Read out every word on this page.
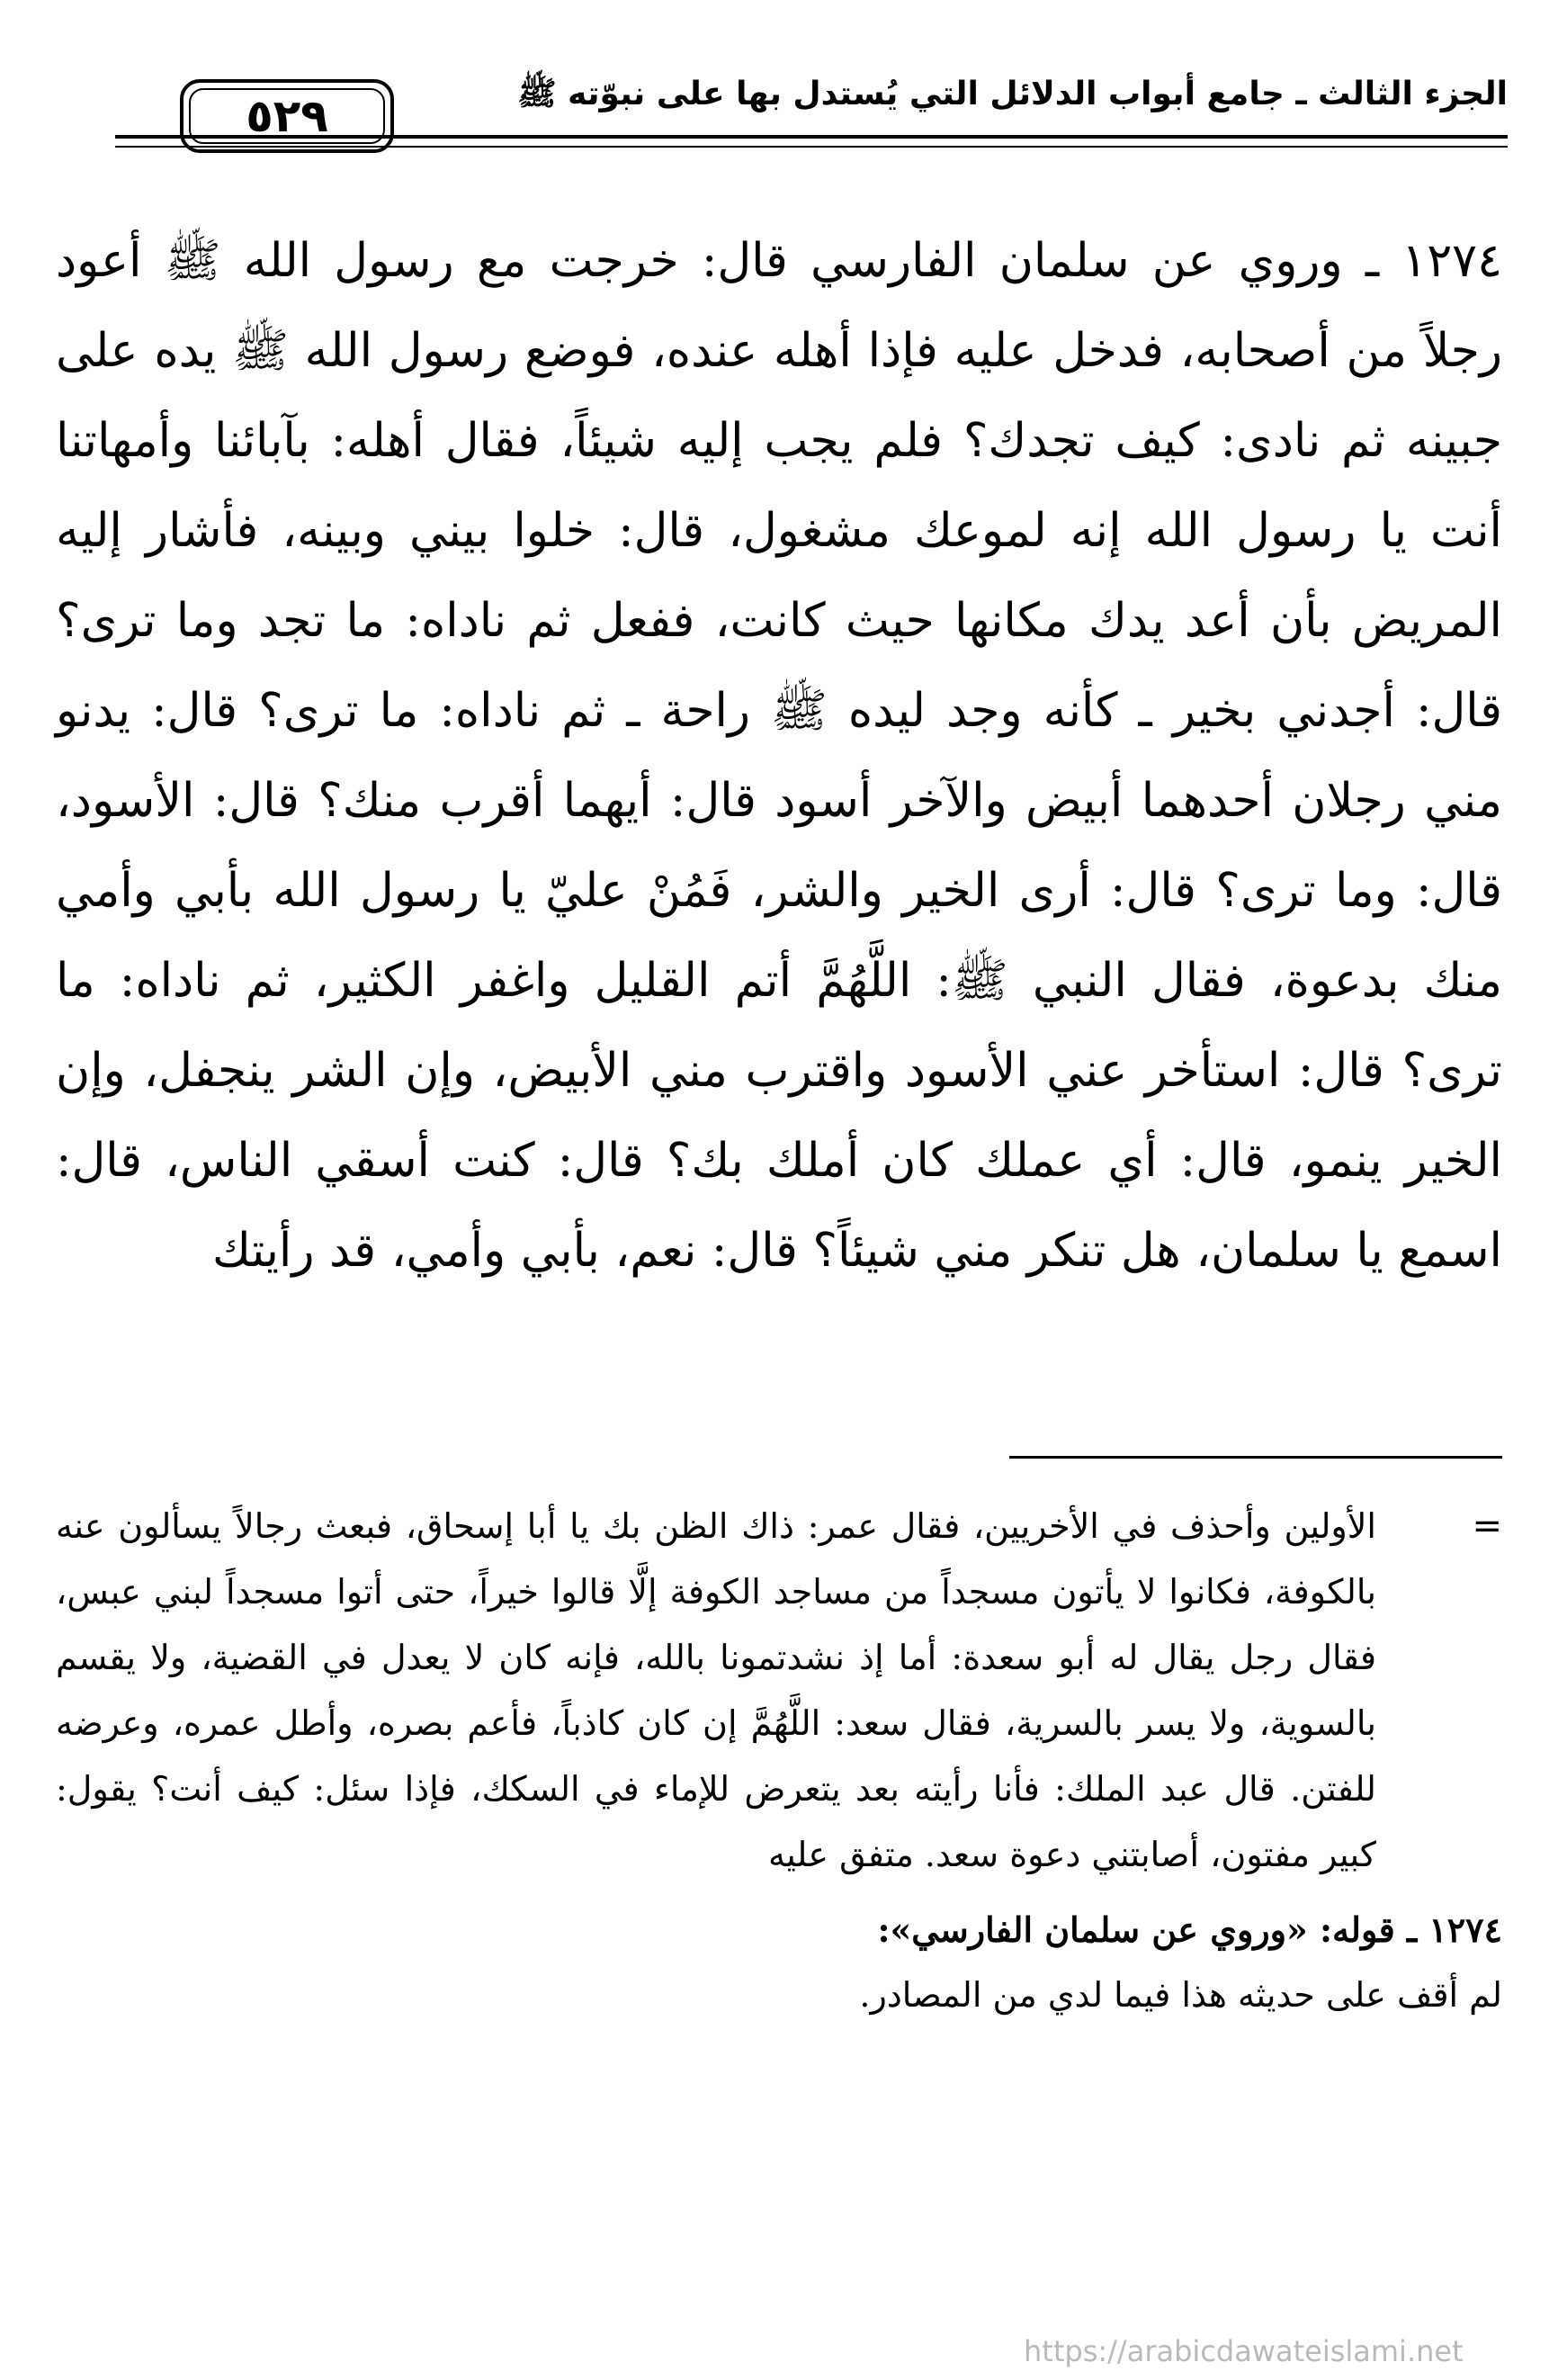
الجزء الثالث ـ جامع أبواب الدلائل التي يُستدل بها على نبوّته ﷺ
٥٢٩

١٢٧٤ ـ وروي عن سلمان الفارسي قال: خرجت مع رسول الله ﷺ أعود رجلاً من أصحابه، فدخل عليه فإذا أهله عنده، فوضع رسول الله ﷺ يده على جبينه ثم نادى: كيف تجدك؟ فلم يجب إليه شيئاً، فقال أهله: بآبائنا وأمهاتنا أنت يا رسول الله إنه لموعك مشغول، قال: خلوا بيني وبينه، فأشار إليه المريض بأن أعد يدك مكانها حيث كانت، ففعل ثم ناداه: ما تجد وما ترى؟ قال: أجدني بخير ـ كأنه وجد ليده ﷺ راحة ـ ثم ناداه: ما ترى؟ قال: يدنو مني رجلان أحدهما أبيض والآخر أسود قال: أيهما أقرب منك؟ قال: الأسود، قال: وما ترى؟ قال: أرى الخير والشر، فَمُنْ عليّ يا رسول الله بأبي وأمي منك بدعوة، فقال النبي ﷺ: اللَّهُمَّ أتم القليل واغفر الكثير، ثم ناداه: ما ترى؟ قال: استأخر عني الأسود واقترب مني الأبيض، وإن الشر ينجفل، وإن الخير ينمو، قال: أي عملك كان أملك بك؟ قال: كنت أسقي الناس، قال: اسمع يا سلمان، هل تنكر مني شيئاً؟ قال: نعم، بأبي وأمي، قد رأيتك

=
الأولين وأحذف في الأخريين، فقال عمر: ذاك الظن بك يا أبا إسحاق، فبعث رجالاً يسألون عنه بالكوفة، فكانوا لا يأتون مسجداً من مساجد الكوفة إلَّا قالوا خيراً، حتى أتوا مسجداً لبني عبس، فقال رجل يقال له أبو سعدة: أما إذ نشدتمونا بالله، فإنه كان لا يعدل في القضية، ولا يقسم بالسوية، ولا يسر بالسرية، فقال سعد: اللَّهُمَّ إن كان كاذباً، فأعم بصره، وأطل عمره، وعرضه للفتن. قال عبد الملك: فأنا رأيته بعد يتعرض للإماء في السكك، فإذا سئل: كيف أنت؟ يقول: كبير مفتون، أصابتني دعوة سعد. متفق عليه
١٢٧٤ ـ قوله: «وروي عن سلمان الفارسي»:
لم أقف على حديثه هذا فيما لدي من المصادر.
https://arabicdawateislami.net
